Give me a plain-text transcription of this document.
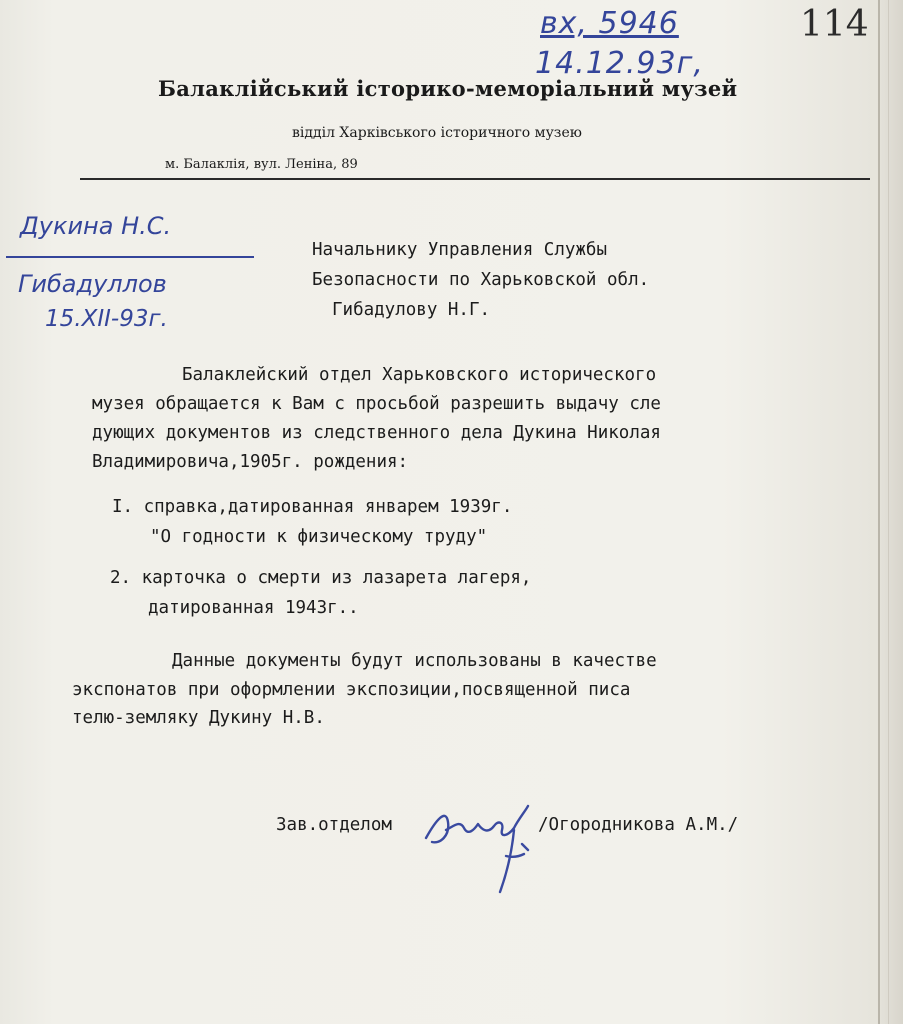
вх, 5946
14.12.93г,
114
Балаклійський історико-меморіальний музей
відділ Харківського історичного музею
м. Балаклія, вул. Леніна, 89
Дукина Н.С.
Гибадуллов
15.XII-93г.
Начальнику Управления Службы
Безопасности по Харьковской обл.
Гибадулову Н.Г.
Балаклейский отдел Харьковского исторического
музея обращается к Вам с просьбой разрешить выдачу сле
дующих документов из следственного дела Дукина Николая
Владимировича,1905г. рождения:
I. справка,датированная январем 1939г.
"О годности к физическому труду"
2. карточка о смерти из лазарета лагеря,
датированная 1943г..
Данные документы будут использованы в качестве
экспонатов при оформлении экспозиции,посвященной писа
телю-земляку Дукину Н.В.
Зав.отделом	/Огородникова А.М./
